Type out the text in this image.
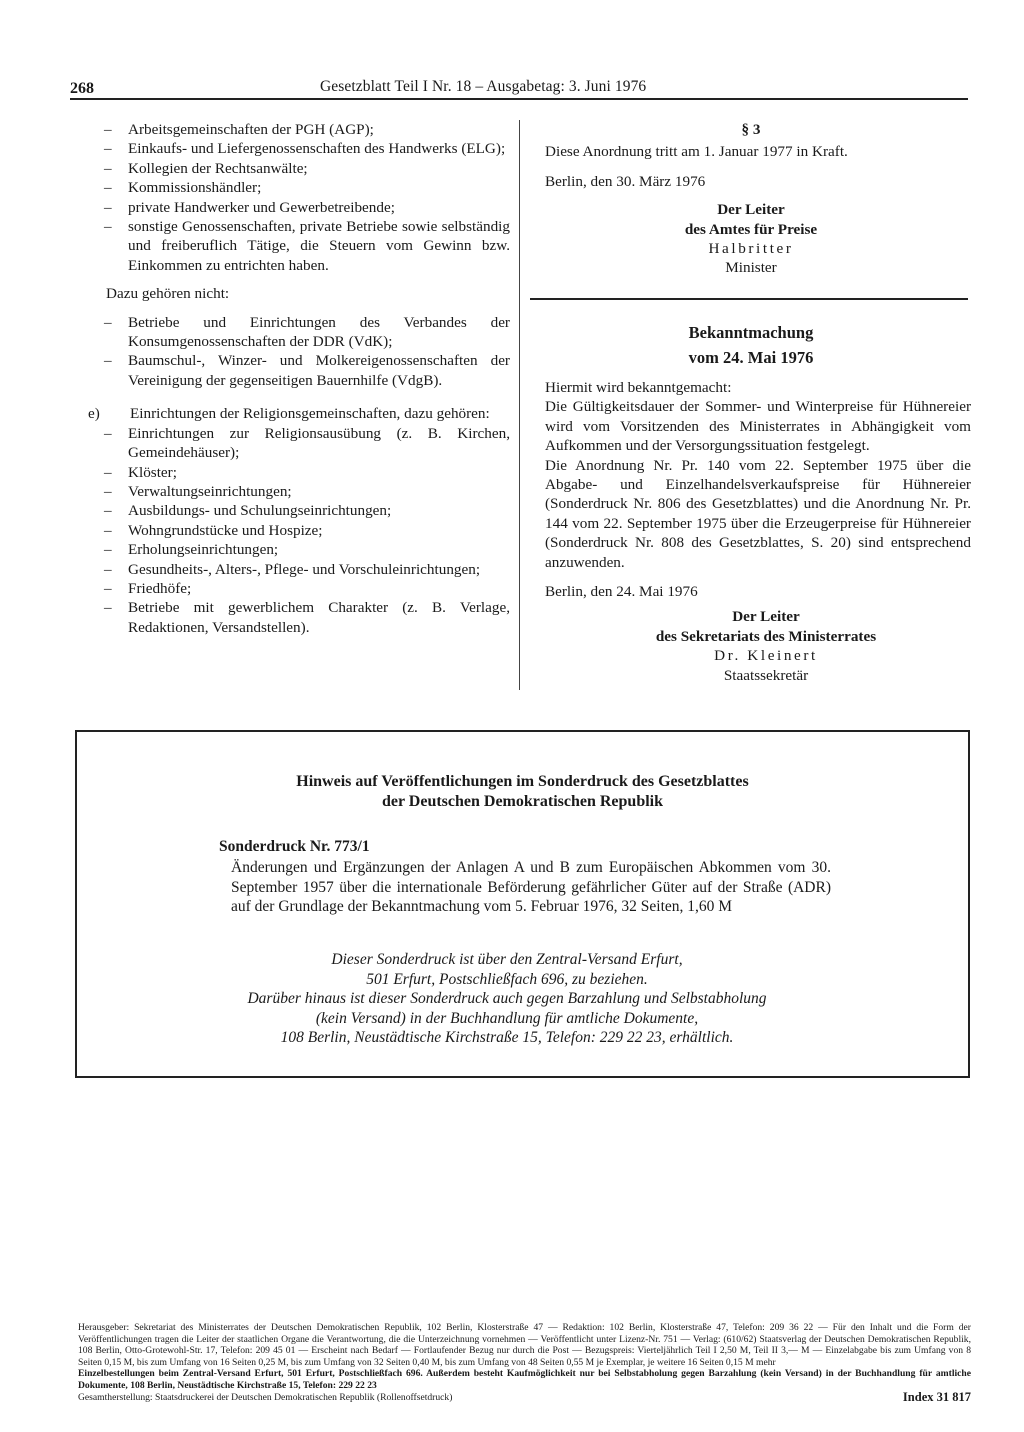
268	Gesetzblatt Teil I Nr. 18 – Ausgabetag: 3. Juni 1976
– Arbeitsgemeinschaften der PGH (AGP);
– Einkaufs- und Liefergenossenschaften des Handwerks (ELG);
– Kollegien der Rechtsanwälte;
– Kommissionshändler;
– private Handwerker und Gewerbetreibende;
– sonstige Genossenschaften, private Betriebe sowie selbständig und freiberuflich Tätige, die Steuern vom Gewinn bzw. Einkommen zu entrichten haben.

Dazu gehören nicht:

– Betriebe und Einrichtungen des Verbandes der Konsumgenossenschaften der DDR (VdK);
– Baumschul-, Winzer- und Molkereigenossenschaften der Vereinigung der gegenseitigen Bauernhilfe (VdgB).
e) Einrichtungen der Religionsgemeinschaften, dazu gehören:
– Einrichtungen zur Religionsausübung (z. B. Kirchen, Gemeindehäuser);
– Klöster;
– Verwaltungseinrichtungen;
– Ausbildungs- und Schulungseinrichtungen;
– Wohngrundstücke und Hospize;
– Erholungseinrichtungen;
– Gesundheits-, Alters-, Pflege- und Vorschuleinrichtungen;
– Friedhöfe;
– Betriebe mit gewerblichem Charakter (z. B. Verlage, Redaktionen, Versandstellen).
§ 3
Diese Anordnung tritt am 1. Januar 1977 in Kraft.
Berlin, den 30. März 1976
Der Leiter
des Amtes für Preise
Halbritter
Minister
Bekanntmachung
vom 24. Mai 1976
Hiermit wird bekanntgemacht:
Die Gültigkeitsdauer der Sommer- und Winterpreise für Hühnereier wird vom Vorsitzenden des Ministerrates in Abhängigkeit vom Aufkommen und der Versorgungssituation festgelegt.
Die Anordnung Nr. Pr. 140 vom 22. September 1975 über die Abgabe- und Einzelhandelsverkaufspreise für Hühnereier (Sonderdruck Nr. 806 des Gesetzblattes) und die Anordnung Nr. Pr. 144 vom 22. September 1975 über die Erzeugerpreise für Hühnereier (Sonderdruck Nr. 808 des Gesetzblattes, S. 20) sind entsprechend anzuwenden.
Berlin, den 24. Mai 1976
Der Leiter
des Sekretariats des Ministerrates
Dr. Kleinert
Staatssekretär
Hinweis auf Veröffentlichungen im Sonderdruck des Gesetzblattes
der Deutschen Demokratischen Republik
Sonderdruck Nr. 773/1
Änderungen und Ergänzungen der Anlagen A und B zum Europäischen Abkommen vom 30. September 1957 über die internationale Beförderung gefährlicher Güter auf der Straße (ADR) auf der Grundlage der Bekanntmachung vom 5. Februar 1976, 32 Seiten, 1,60 M

Dieser Sonderdruck ist über den Zentral-Versand Erfurt,

501 Erfurt, Postschließfach 696, zu beziehen.

Darüber hinaus ist dieser Sonderdruck auch gegen Barzahlung und Selbstabholung

(kein Versand) in der Buchhandlung für amtliche Dokumente,

108 Berlin, Neustädtische Kirchstraße 15, Telefon: 229 22 23, erhältlich.

Herausgeber: Sekretariat des Ministerrates der Deutschen Demokratischen Republik, 102 Berlin, Klosterstraße 47 — Redaktion: 102 Berlin, Klosterstraße 47, Telefon: 209 36 22 — Für den Inhalt und die Form der Veröffentlichungen tragen die Leiter der staatlichen Organe die Verantwortung, die die Unterzeichnung vornehmen — Veröffentlicht unter Lizenz-Nr. 751 — Verlag: (610/62) Staatsverlag der Deutschen Demokratischen Republik, 108 Berlin, Otto-Grotewohl-Str. 17, Telefon: 209 45 01 — Erscheint nach Bedarf — Fortlaufender Bezug nur durch die Post — Bezugspreis: Vierteljährlich Teil I 2,50 M, Teil II 3,— M — Einzelabgabe bis zum Umfang von 8 Seiten 0,15 M, bis zum Umfang von 16 Seiten 0,25 M, bis zum Umfang von 32 Seiten 0,40 M, bis zum Umfang von 48 Seiten 0,55 M je Exemplar, je weitere 16 Seiten 0,15 M mehr

Einzelbestellungen beim Zentral-Versand Erfurt, 501 Erfurt, Postschließfach 696. Außerdem besteht Kaufmöglichkeit nur bei Selbstabholung gegen Barzahlung (kein Versand) in der Buchhandlung für amtliche Dokumente, 108 Berlin, Neustädtische Kirchstraße 15, Telefon: 229 22 23

Gesamtherstellung: Staatsdruckerei der Deutschen Demokratischen Republik (Rollenoffsetdruck)	Index 31 817
